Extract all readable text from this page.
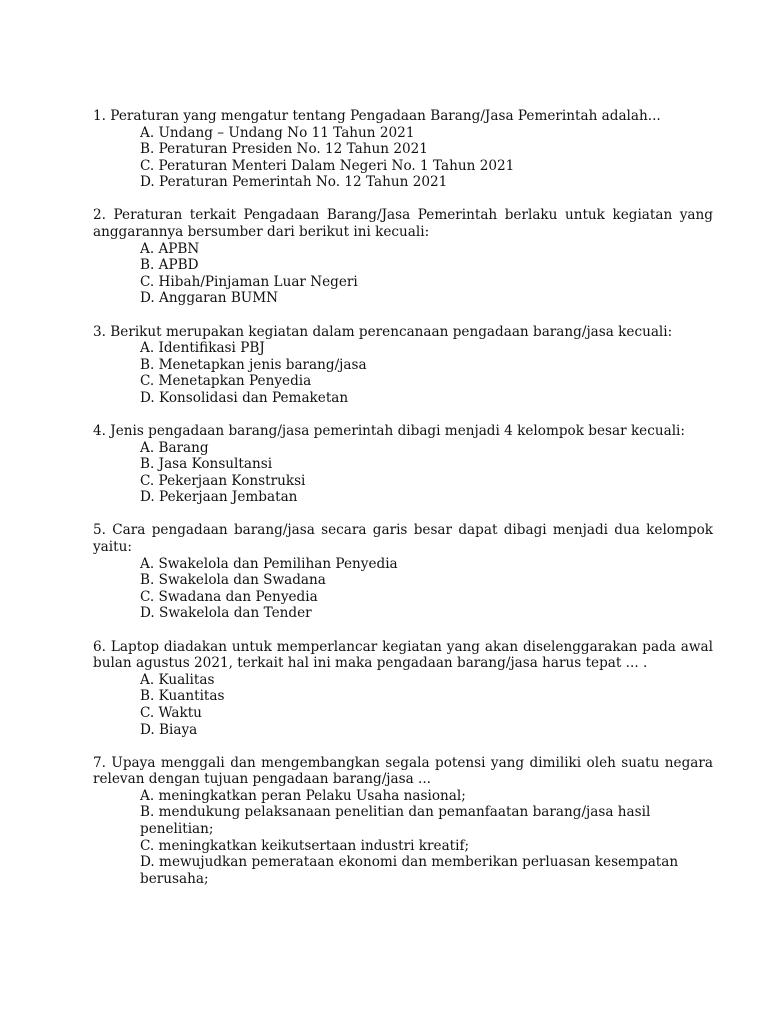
1. Peraturan yang mengatur tentang Pengadaan Barang/Jasa Pemerintah adalah...
A. Undang – Undang No 11 Tahun 2021
B. Peraturan Presiden No. 12 Tahun 2021
C. Peraturan Menteri Dalam Negeri No. 1 Tahun 2021
D. Peraturan Pemerintah No. 12 Tahun 2021
2. Peraturan terkait Pengadaan Barang/Jasa Pemerintah berlaku untuk kegiatan yang anggarannya bersumber dari berikut ini kecuali:
A. APBN
B. APBD
C. Hibah/Pinjaman Luar Negeri
D. Anggaran BUMN
3. Berikut merupakan kegiatan dalam perencanaan pengadaan barang/jasa kecuali:
A. Identifikasi PBJ
B. Menetapkan jenis barang/jasa
C. Menetapkan Penyedia
D. Konsolidasi dan Pemaketan
4. Jenis pengadaan barang/jasa pemerintah dibagi menjadi 4 kelompok besar kecuali:
A. Barang
B. Jasa Konsultansi
C. Pekerjaan Konstruksi
D. Pekerjaan Jembatan
5. Cara pengadaan barang/jasa secara garis besar dapat dibagi menjadi dua kelompok yaitu:
A. Swakelola dan Pemilihan Penyedia
B. Swakelola dan Swadana
C. Swadana dan Penyedia
D. Swakelola dan Tender
6. Laptop diadakan untuk memperlancar kegiatan yang akan diselenggarakan pada awal bulan agustus 2021, terkait hal ini maka pengadaan barang/jasa harus tepat ... .
A. Kualitas
B. Kuantitas
C. Waktu
D. Biaya
7. Upaya menggali dan mengembangkan segala potensi yang dimiliki oleh suatu negara relevan dengan tujuan pengadaan barang/jasa ...
A. meningkatkan peran Pelaku Usaha nasional;
B. mendukung pelaksanaan penelitian dan pemanfaatan barang/jasa hasil penelitian;
C. meningkatkan keikutsertaan industri kreatif;
D. mewujudkan pemerataan ekonomi dan memberikan perluasan kesempatan berusaha;
